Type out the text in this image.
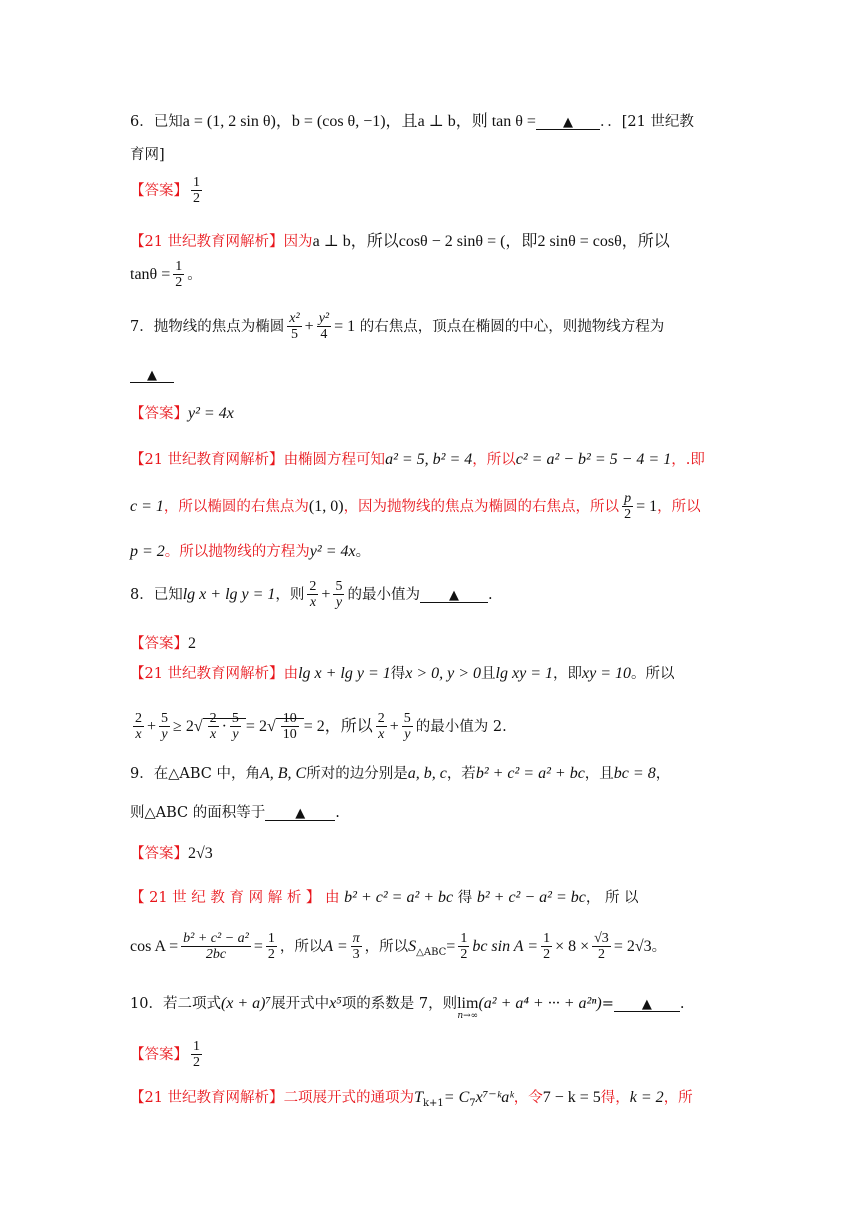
6．已知a = (1, 2 sin θ)，b = (cos θ, −1)，且a ⊥ b，则 tan θ = ▲ ．．[21 世纪教
育网]
【答案】 $\frac{1}{2}$
【21 世纪教育网解析】因为a ⊥ b，所以cosθ − 2 sinθ = (，即2 sinθ = cosθ，所以
$\tan\theta = \frac{1}{2}$ 。
7．抛物线的焦点为椭圆 $\frac{\text{x²}}{5} + \frac{\text{y²}}{4} = 1$ 的右焦点，顶点在椭圆的中心，则抛物线方程为
▲
【答案】y² = 4x
【21 世纪教育网解析】由椭圆方程可知a² = 5, b² = 4，所以c² = a² − b² = 5 − 4 = 1，.即
c = 1，所以椭圆的右焦点为(1, 0)，因为抛物线的焦点为椭圆的右焦点，所以 $\frac{p}{2} = 1$，所以
p = 2。所以抛物线的方程为y² = 4x。
8．已知lg x + lg y = 1，则 $\frac{2}{x} + \frac{5}{y}$ 的最小值为 ▲ .
【答案】2
【21 世纪教育网解析】由lg x + lg y = 1得x > 0, y > 0且lg xy = 1，即xy = 10。所以
$\frac{2}{x} + \frac{5}{y} \ge 2√ \frac{2}{x} \cdot \frac{5}{y} = 2√ \frac{10}{10} = 2$，所以 $\frac{2}{x} + \frac{5}{y}$ 的最小值为 2.
9．在△ABC 中，角A, B, C所对的边分别是a, b, c，若b² + c² = a² + bc，且bc = 8，
则△ABC 的面积等于 ▲ .
【答案】2√3
【 21 世 纪 教 育 网 解 析 】 由 b² + c² = a² + bc 得 b² + c² − a² = bc， 所 以
$\cos A = \frac{\text{b² + c² − a²}}{2bc} = \frac{1}{2}$ ，所以$A = \frac{\pi}{3}$ ，所以$S_{\triangle ABC}= \frac{1}{2}$ bc $\sin A = \frac{1}{2} \times 8 \times \frac{√3}{2} = 2√3$。
10．若二项式(x + a)⁷展开式中x⁵项的系数是 7，则 lim
n→∞
(a² + a⁴ + ··· + a²ⁿ)= ▲ .
【答案】 $\frac{1}{2}$
【21 世纪教育网解析】二项展开式的通项为$T_{k+1}=$ $C_7x^{7-}ᵏaᵏ$，令7 − k = 5得，k = 2，所
